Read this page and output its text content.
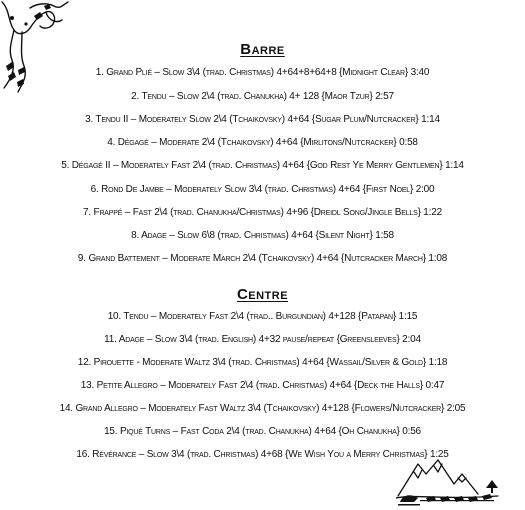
Barre
1. Grand Plié – Slow 3\4 (trad. Christmas) 4+64+8+64+8 {Midnight Clear} 3:40
2. Tendu – Slow 2\4 (trad. Chanukha) 4+ 128 {Maor Tzur} 2:57
3. Tendu II – Moderately Slow 2\4 (Tchaikovsky) 4+64 {Sugar Plum/Nutcracker} 1:14
4. Dégagé – Moderate 2\4 (Tchaikovsky) 4+64 {Mirlitons/Nutcracker} 0:58
5. Dégagé II – Moderately Fast 2\4 (trad. Christmas) 4+64 {God Rest Ye Merry Gentlemen} 1:14
6. Rond De Jambe – Moderately Slow 3\4 (trad. Christmas) 4+64 {First Noel} 2:00
7. Frappé – Fast 2\4 (trad. Chanukha/Christmas) 4+96 {Dreidl Song/Jingle Bells} 1:22
8. Adage – Slow 6\8 (trad. Christmas) 4+64 {Silent Night} 1:58
9. Grand Battement – Moderate March 2\4 (Tchaikovsky) 4+64 {Nutcracker March} 1:08
Centre
10. Tendu – Moderately Fast 2\4 (trad.. Burgundian) 4+128 {Patapan} 1:15
11. Adage – Slow 3\4 (trad. English) 4+32 pause/repeat {Greensleeves} 2:04
12. Pirouette - Moderate Waltz 3\4 (trad. Christmas) 4+64 {Wassail/Silver & Gold} 1:18
13. Petite Allegro – Moderately Fast 2\4 (trad. Christmas) 4+64 {Deck the Halls} 0:47
14. Grand Allegro – Moderately Fast Waltz 3\4 (Tchaikovsky) 4+128 {Flowers/Nutcracker} 2:05
15. Piqué Turns – Fast Coda 2\4 (trad. Chanukha) 4+64 {Oh Chanukha} 0:56
16. Révérance – Slow 3\4 (trad. Christmas) 4+68 {We Wish You a Merry Christmas} 1:25
